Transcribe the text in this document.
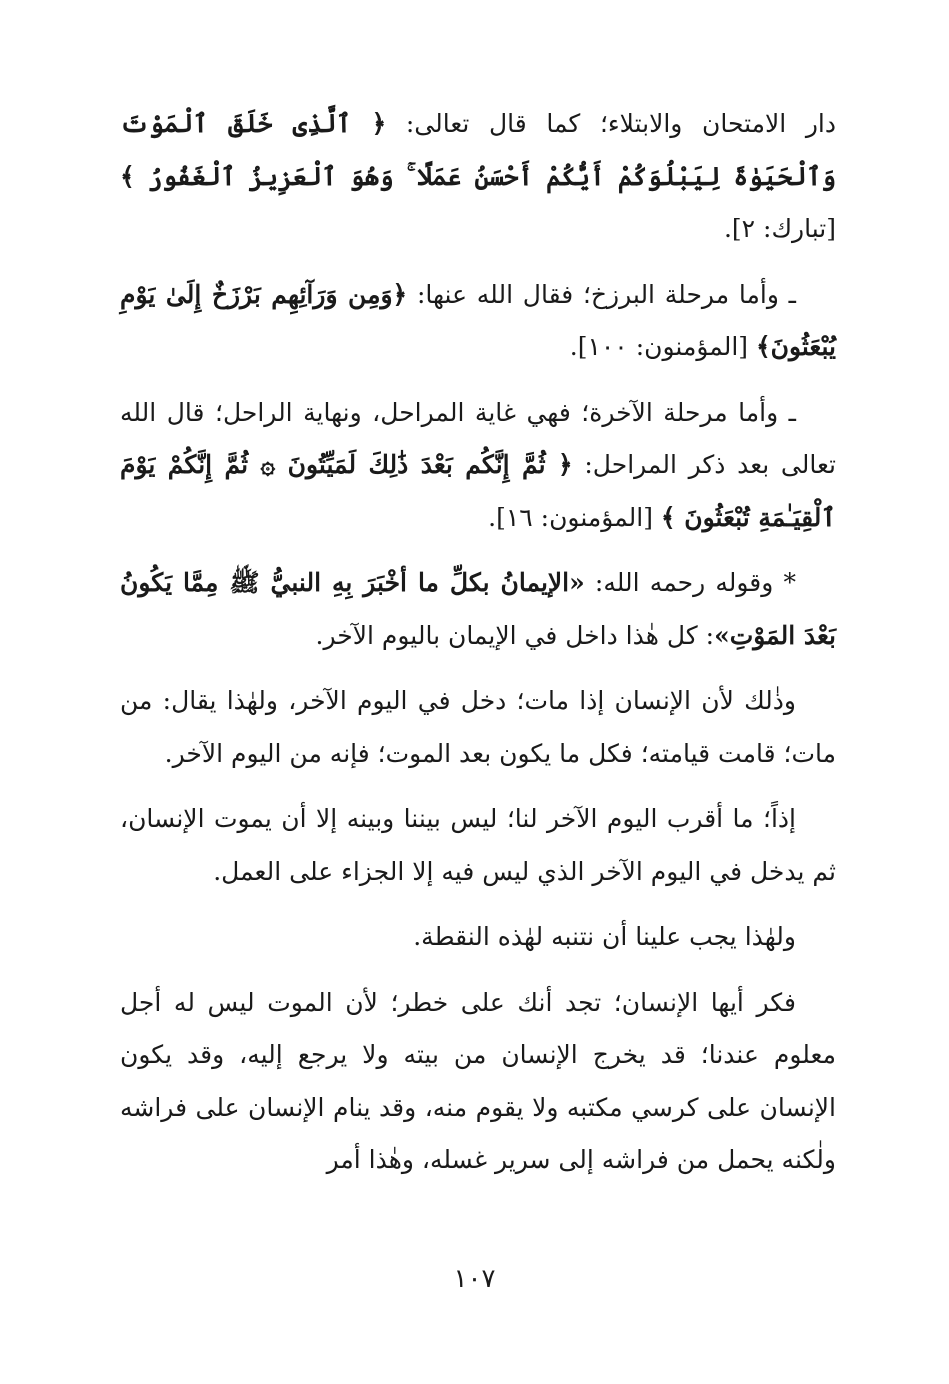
دار الامتحان والابتلاء؛ كما قال تعالى: ﴿ ٱلَّذِى خَلَقَ ٱلْمَوْتَ وَٱلْحَيَوٰةَ لِيَبْلُوَكُمْ أَيُّكُمْ أَحْسَنُ عَمَلًا ۚ وَهُوَ ٱلْعَزِيزُ ٱلْغَفُورُ ﴾ [تبارك: ٢].

ـ وأما مرحلة البرزخ؛ فقال الله عنها: ﴿وَمِن وَرَآئِهِم بَرْزَخٌ إِلَىٰ يَوْمِ يُبْعَثُونَ﴾ [المؤمنون: ١٠٠].

ـ وأما مرحلة الآخرة؛ فهي غاية المراحل، ونهاية الراحل؛ قال الله تعالى بعد ذكر المراحل: ﴿ ثُمَّ إِنَّكُم بَعْدَ ذَٰلِكَ لَمَيِّتُونَ ۞ ثُمَّ إِنَّكُمْ يَوْمَ ٱلْقِيَـٰمَةِ تُبْعَثُونَ ﴾ [المؤمنون: ١٦].

* وقوله رحمه الله: «الإيمانُ بكلِّ ما أخْبَرَ بِهِ النبيُّ ﷺ مِمَّا يَكُونُ بَعْدَ المَوْتِ»: كل هٰذا داخل في الإيمان باليوم الآخر.

وذٰلك لأن الإنسان إذا مات؛ دخل في اليوم الآخر، ولهٰذا يقال: من مات؛ قامت قيامته؛ فكل ما يكون بعد الموت؛ فإنه من اليوم الآخر.

إذاً؛ ما أقرب اليوم الآخر لنا؛ ليس بيننا وبينه إلا أن يموت الإنسان، ثم يدخل في اليوم الآخر الذي ليس فيه إلا الجزاء على العمل.

ولهٰذا يجب علينا أن نتنبه لهٰذه النقطة.

فكر أيها الإنسان؛ تجد أنك على خطر؛ لأن الموت ليس له أجل معلوم عندنا؛ قد يخرج الإنسان من بيته ولا يرجع إليه، وقد يكون الإنسان على كرسي مكتبه ولا يقوم منه، وقد ينام الإنسان على فراشه ولٰكنه يحمل من فراشه إلى سرير غسله، وهٰذا أمر

١٠٧
